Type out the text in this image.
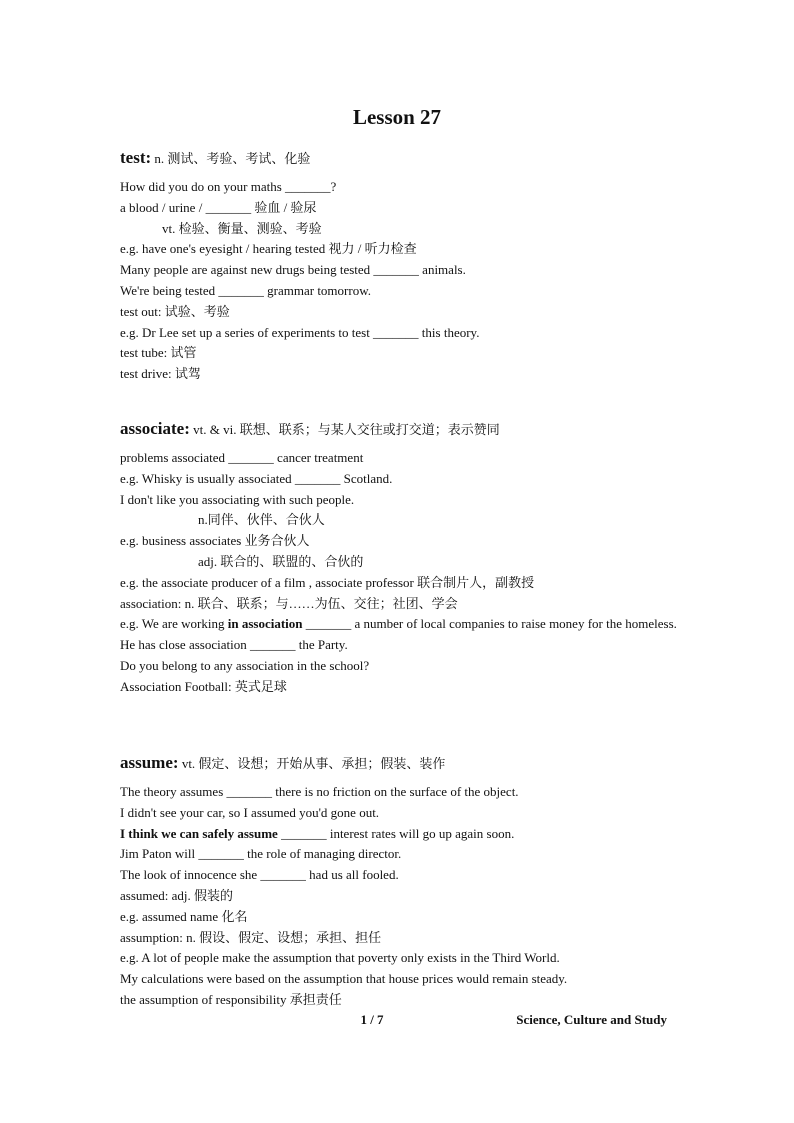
Lesson 27
test: n. 测试、考验、考试、化验
How did you do on your maths _______?
a blood / urine / _______ 验血 / 验尿
vt. 检验、衡量、测验、考验
e.g. have one's eyesight / hearing tested 视力 / 听力检查
Many people are against new drugs being tested _______ animals.
We're being tested _______ grammar tomorrow.
test out: 试验、考验
e.g. Dr Lee set up a series of experiments to test _______ this theory.
test tube: 试管
test drive: 试驾
associate: vt. & vi. 联想、联系；与某人交往或打交道；表示赞同
problems associated _______ cancer treatment
e.g. Whisky is usually associated _______ Scotland.
I don't like you associating with such people.
n.同伴、伙伴、合伙人
e.g. business associates 业务合伙人
adj. 联合的、联盟的、合伙的
e.g. the associate producer of a film , associate professor 联合制片人，副教授
association: n. 联合、联系；与……为伍、交往；社团、学会
e.g. We are working in association _______ a number of local companies to raise money for the homeless.
He has close association _______ the Party.
Do you belong to any association in the school?
Association Football: 英式足球
assume: vt. 假定、设想；开始从事、承担；假装、装作
The theory assumes _______ there is no friction on the surface of the object.
I didn't see your car, so I assumed you'd gone out.
I think we can safely assume _______ interest rates will go up again soon.
Jim Paton will _______ the role of managing director.
The look of innocence she _______ had us all fooled.
assumed: adj. 假装的
e.g. assumed name 化名
assumption: n. 假设、假定、设想；承担、担任
e.g. A lot of people make the assumption that poverty only exists in the Third World.
My calculations were based on the assumption that house prices would remain steady.
the assumption of responsibility 承担责任
1 / 7	Science, Culture and Study
